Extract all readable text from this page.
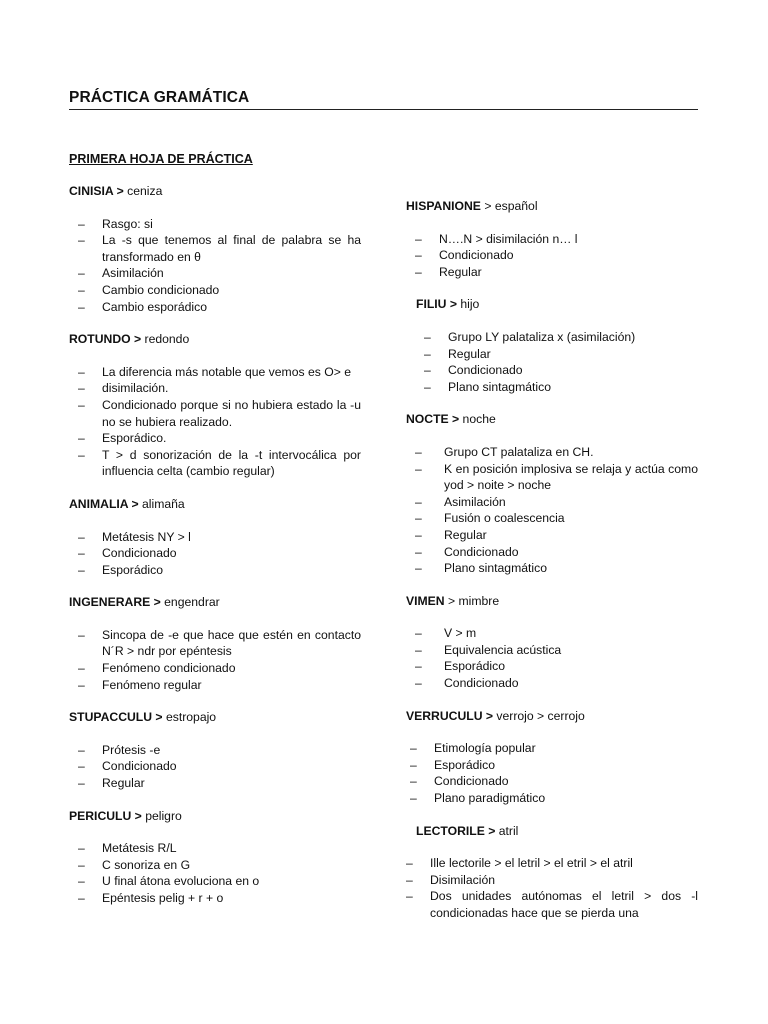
PRÁCTICA GRAMÁTICA
PRIMERA HOJA DE PRÁCTICA
CINISIA > ceniza
– Rasgo: si
– La -s que tenemos al final de palabra se ha transformado en θ
– Asimilación
– Cambio condicionado
– Cambio esporádico
ROTUNDO > redondo
– La diferencia más notable que vemos es O> e
– disimilación.
– Condicionado porque si no hubiera estado la -u no se hubiera realizado.
– Esporádico.
– T > d sonorización de la -t intervocálica por influencia celta (cambio regular)
ANIMALIA > alimaña
– Metátesis NY > l
– Condicionado
– Esporádico
INGENERARE > engendrar
– Sincopa de -e que hace que estén en contacto N´R > ndr por epéntesis
– Fenómeno condicionado
– Fenómeno regular
STUPACCULU > estropajo
– Prótesis -e
– Condicionado
– Regular
PERICULU > peligro
– Metátesis R/L
– C sonoriza en G
– U final átona evoluciona en o
– Epéntesis pelig + r + o
HISPANIONE > español
– N….N > disimilación n… l
– Condicionado
– Regular
FILIU > hijo
– Grupo LY palataliza x (asimilación)
– Regular
– Condicionado
– Plano sintagmático
NOCTE > noche
– Grupo CT palataliza en CH.
– K en posición implosiva se relaja y actúa como yod > noite > noche
– Asimilación
– Fusión o coalescencia
– Regular
– Condicionado
– Plano sintagmático
VIMEN > mimbre
– V > m
– Equivalencia acústica
– Esporádico
– Condicionado
VERRUCULU > verrojo > cerrojo
– Etimología popular
– Esporádico
– Condicionado
– Plano paradigmático
LECTORILE > atril
– Ille lectorile > el letril > el etril > el atril
– Disimilación
– Dos unidades autónomas el letril > dos -l condicionadas hace que se pierda una
